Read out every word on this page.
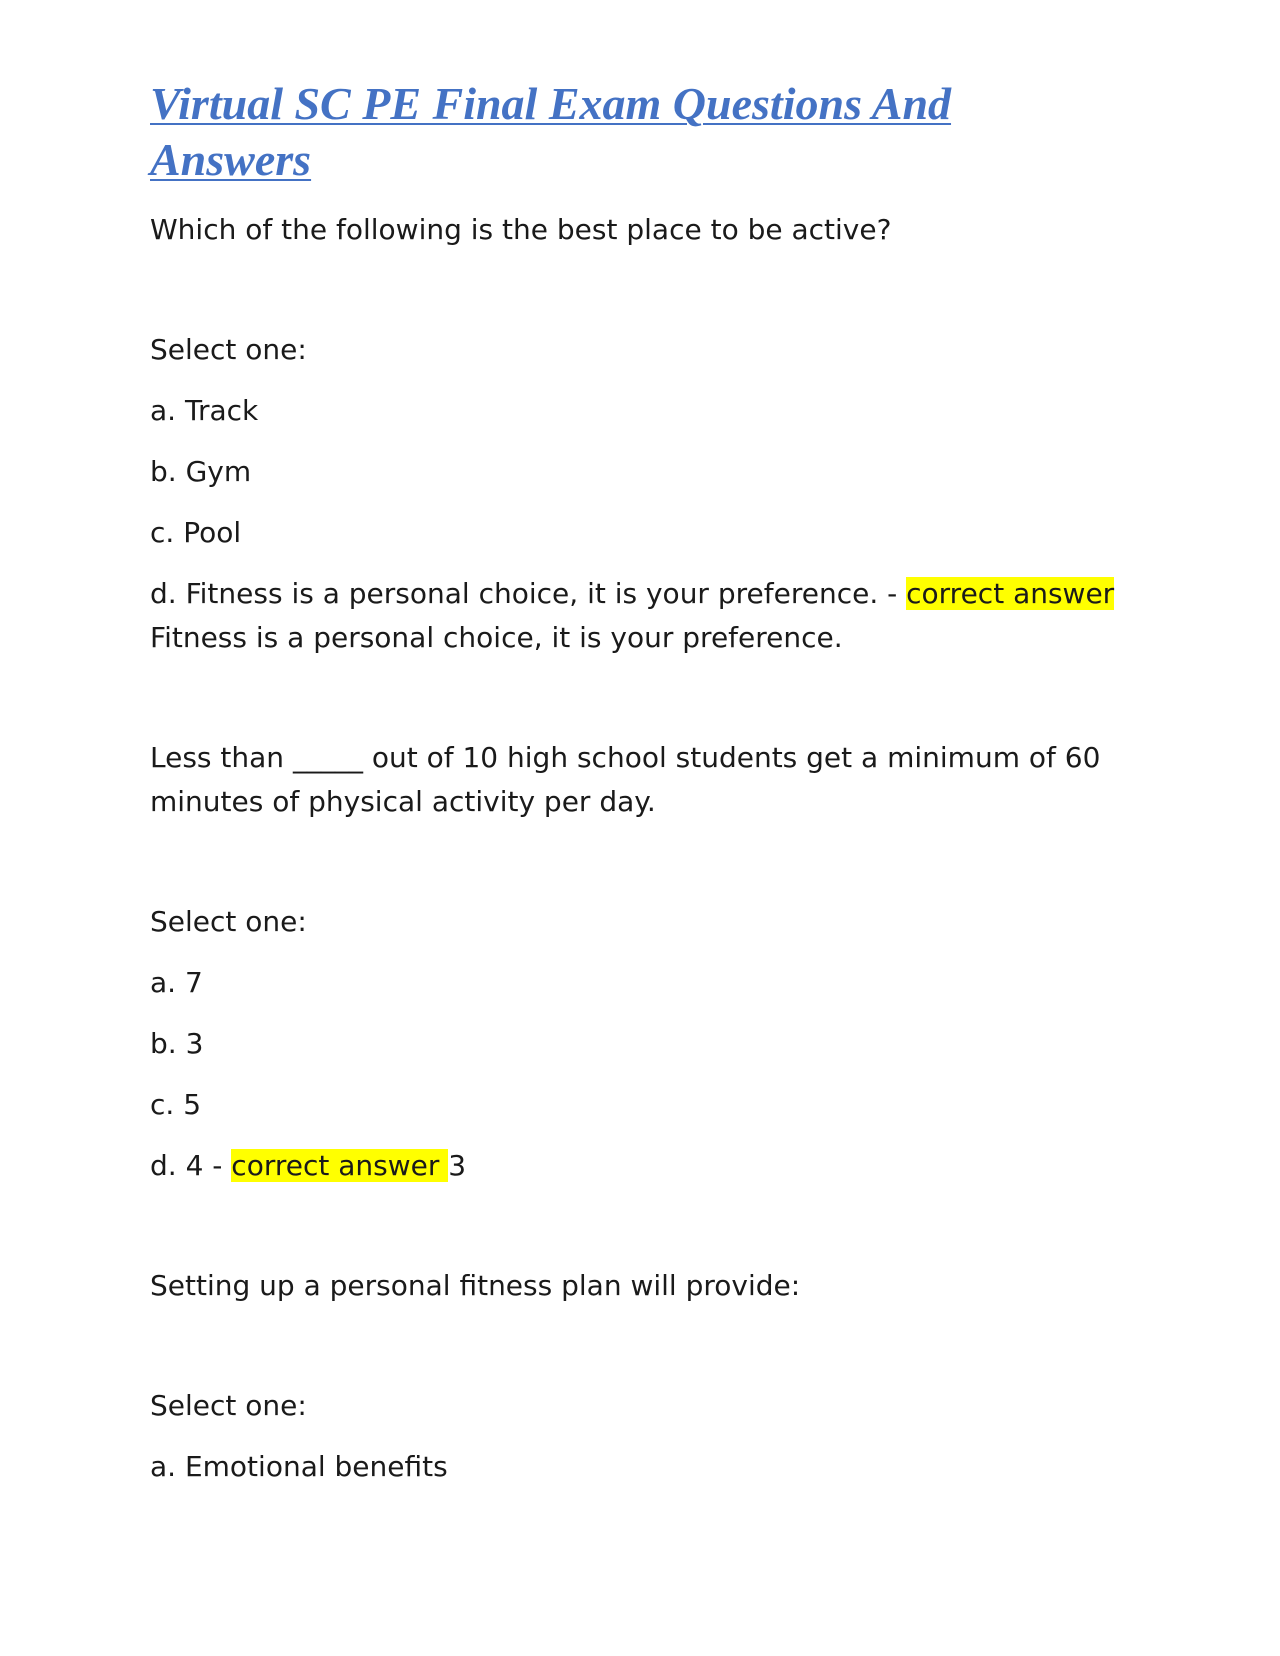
Virtual SC PE Final Exam Questions And Answers

Which of the following is the best place to be active?

Select one:

a. Track

b. Gym

c. Pool

d. Fitness is a personal choice, it is your preference. - correct answer

Fitness is a personal choice, it is your preference.

Less than _____ out of 10 high school students get a minimum of 60

minutes of physical activity per day.

Select one:

a. 7

b. 3

c. 5

d. 4 - correct answer 3

Setting up a personal fitness plan will provide:

Select one:

a. Emotional benefits
